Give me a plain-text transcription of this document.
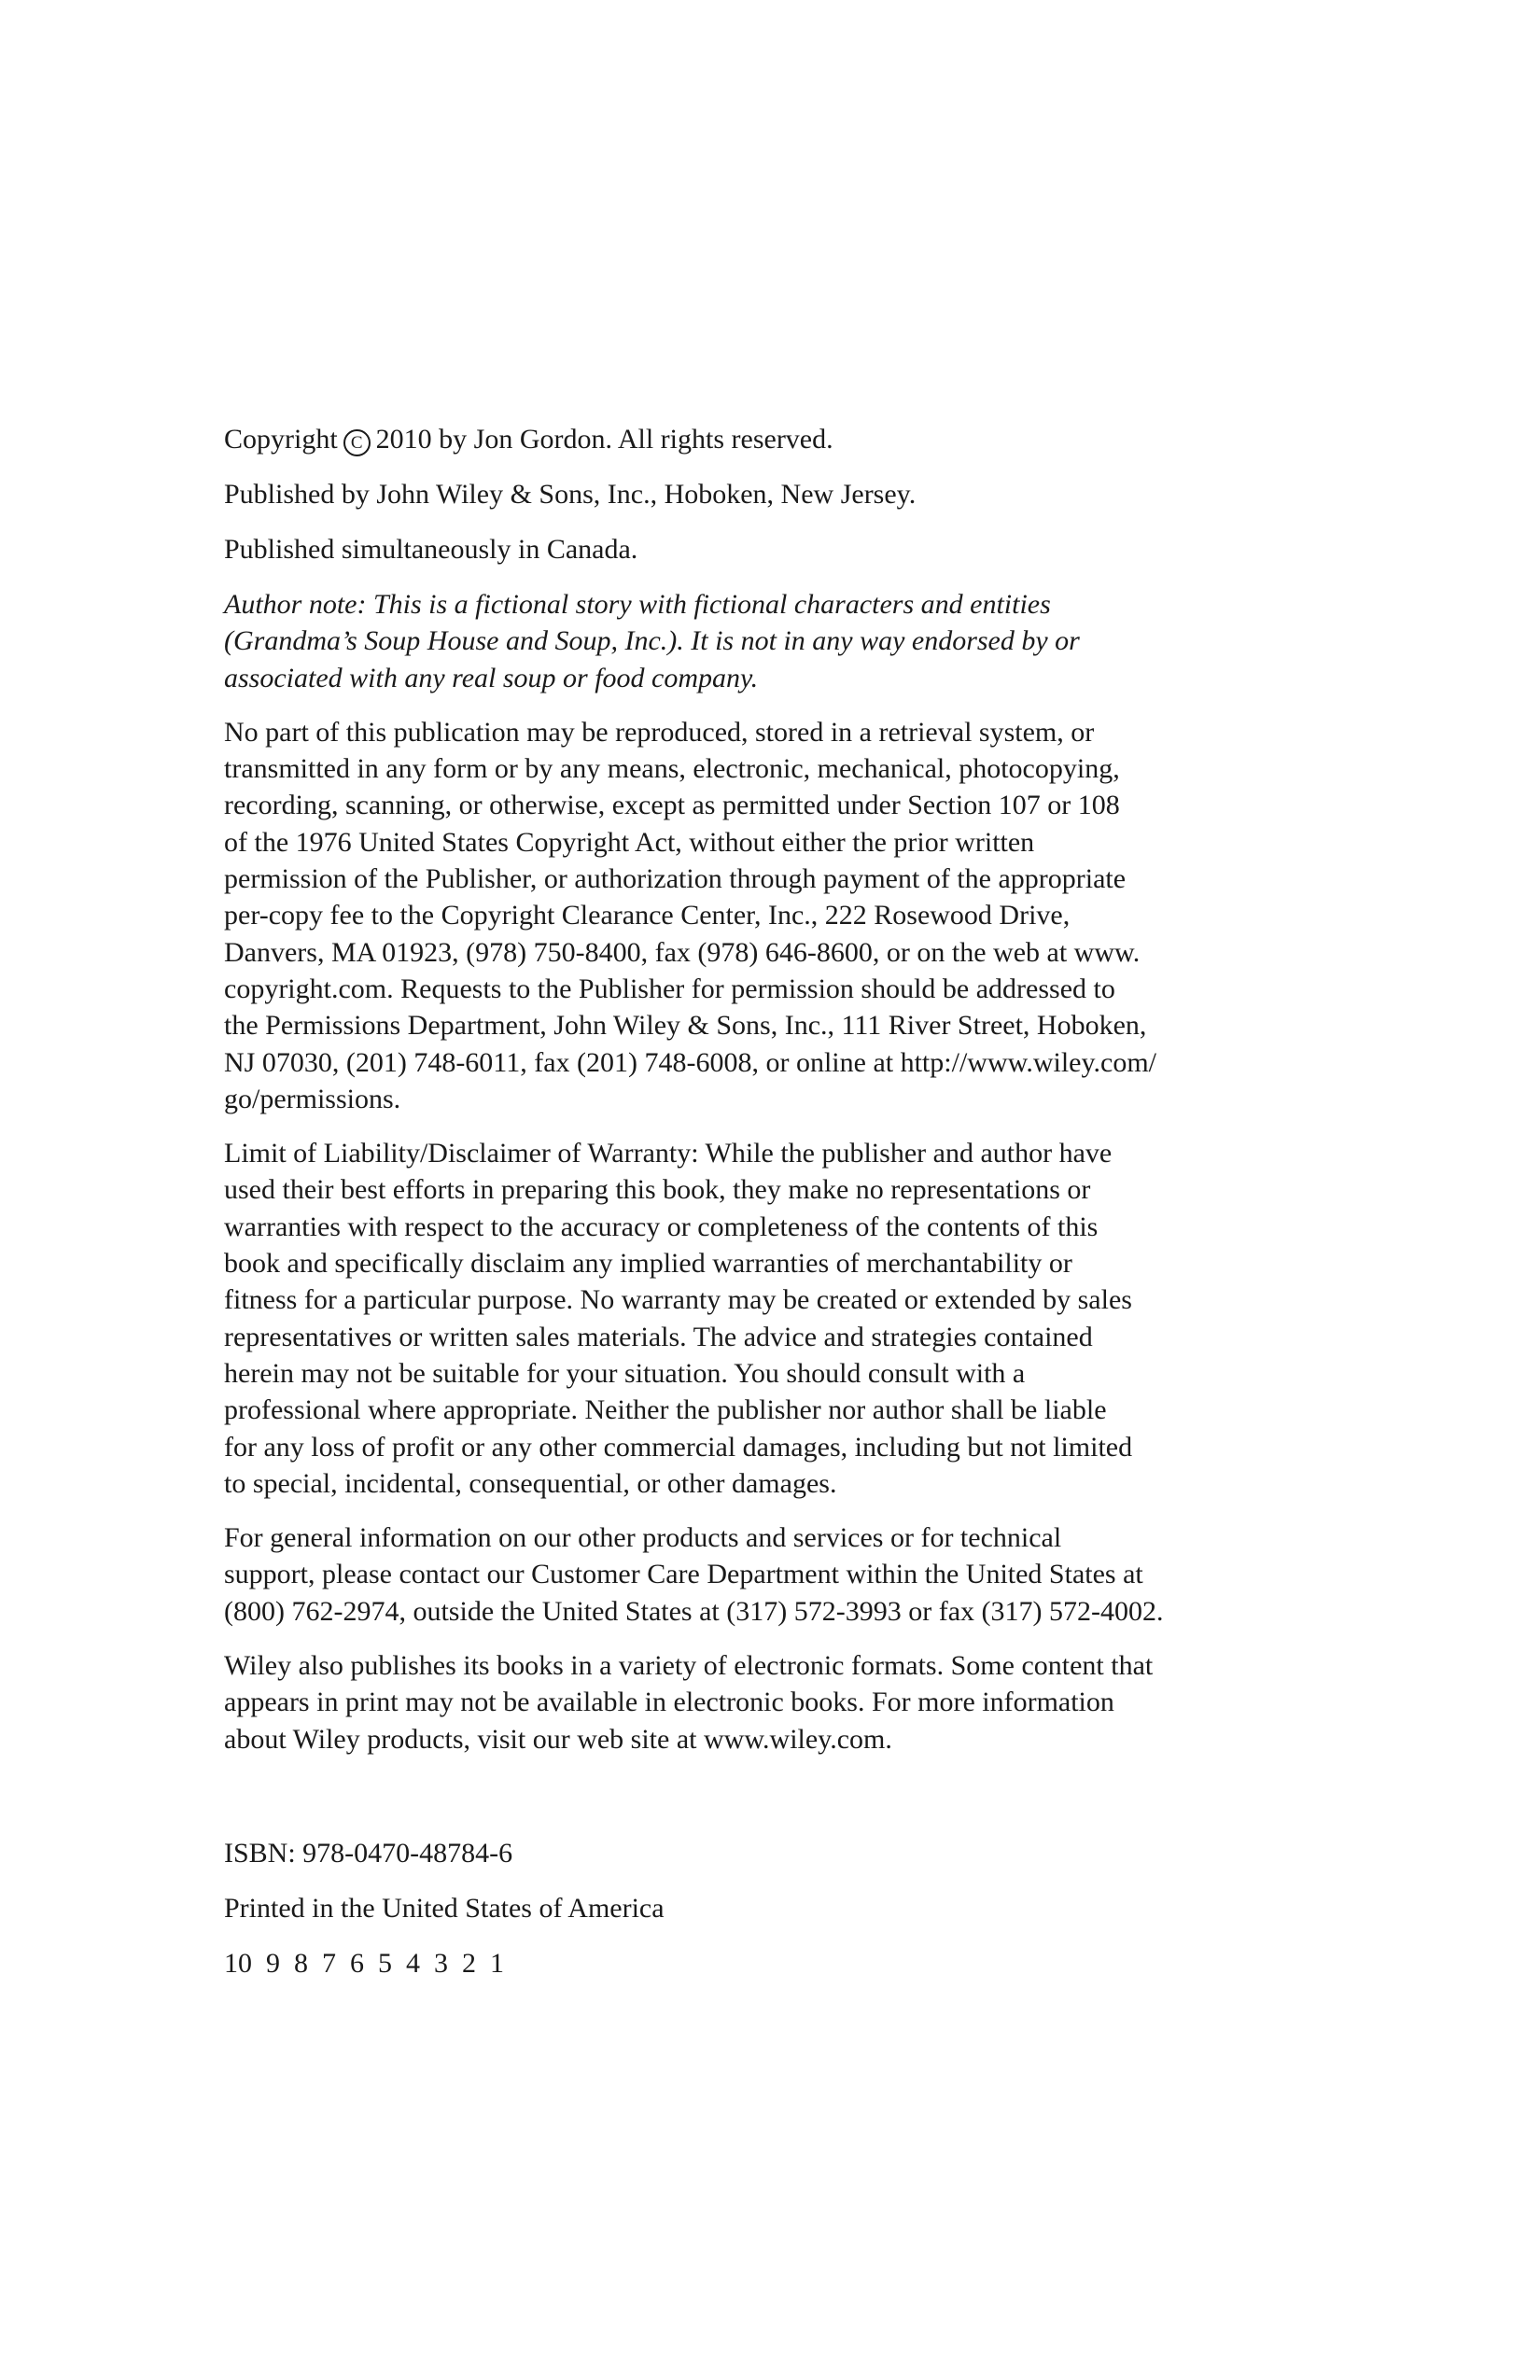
Copyright C 2010 by Jon Gordon. All rights reserved.
Published by John Wiley & Sons, Inc., Hoboken, New Jersey.
Published simultaneously in Canada.
Author note: This is a fictional story with fictional characters and entities
(Grandma’s Soup House and Soup, Inc.). It is not in any way endorsed by or
associated with any real soup or food company.
No part of this publication may be reproduced, stored in a retrieval system, or
transmitted in any form or by any means, electronic, mechanical, photocopying,
recording, scanning, or otherwise, except as permitted under Section 107 or 108
of the 1976 United States Copyright Act, without either the prior written
permission of the Publisher, or authorization through payment of the appropriate
per-copy fee to the Copyright Clearance Center, Inc., 222 Rosewood Drive,
Danvers, MA 01923, (978) 750-8400, fax (978) 646-8600, or on the web at www.
copyright.com. Requests to the Publisher for permission should be addressed to
the Permissions Department, John Wiley & Sons, Inc., 111 River Street, Hoboken,
NJ 07030, (201) 748-6011, fax (201) 748-6008, or online at http://www.wiley.com/
go/permissions.
Limit of Liability/Disclaimer of Warranty: While the publisher and author have
used their best efforts in preparing this book, they make no representations or
warranties with respect to the accuracy or completeness of the contents of this
book and specifically disclaim any implied warranties of merchantability or
fitness for a particular purpose. No warranty may be created or extended by sales
representatives or written sales materials. The advice and strategies contained
herein may not be suitable for your situation. You should consult with a
professional where appropriate. Neither the publisher nor author shall be liable
for any loss of profit or any other commercial damages, including but not limited
to special, incidental, consequential, or other damages.
For general information on our other products and services or for technical
support, please contact our Customer Care Department within the United States at
(800) 762-2974, outside the United States at (317) 572-3993 or fax (317) 572-4002.
Wiley also publishes its books in a variety of electronic formats. Some content that
appears in print may not be available in electronic books. For more information
about Wiley products, visit our web site at www.wiley.com.
ISBN: 978-0470-48784-6
Printed in the United States of America
10  9  8  7  6  5  4  3  2  1
